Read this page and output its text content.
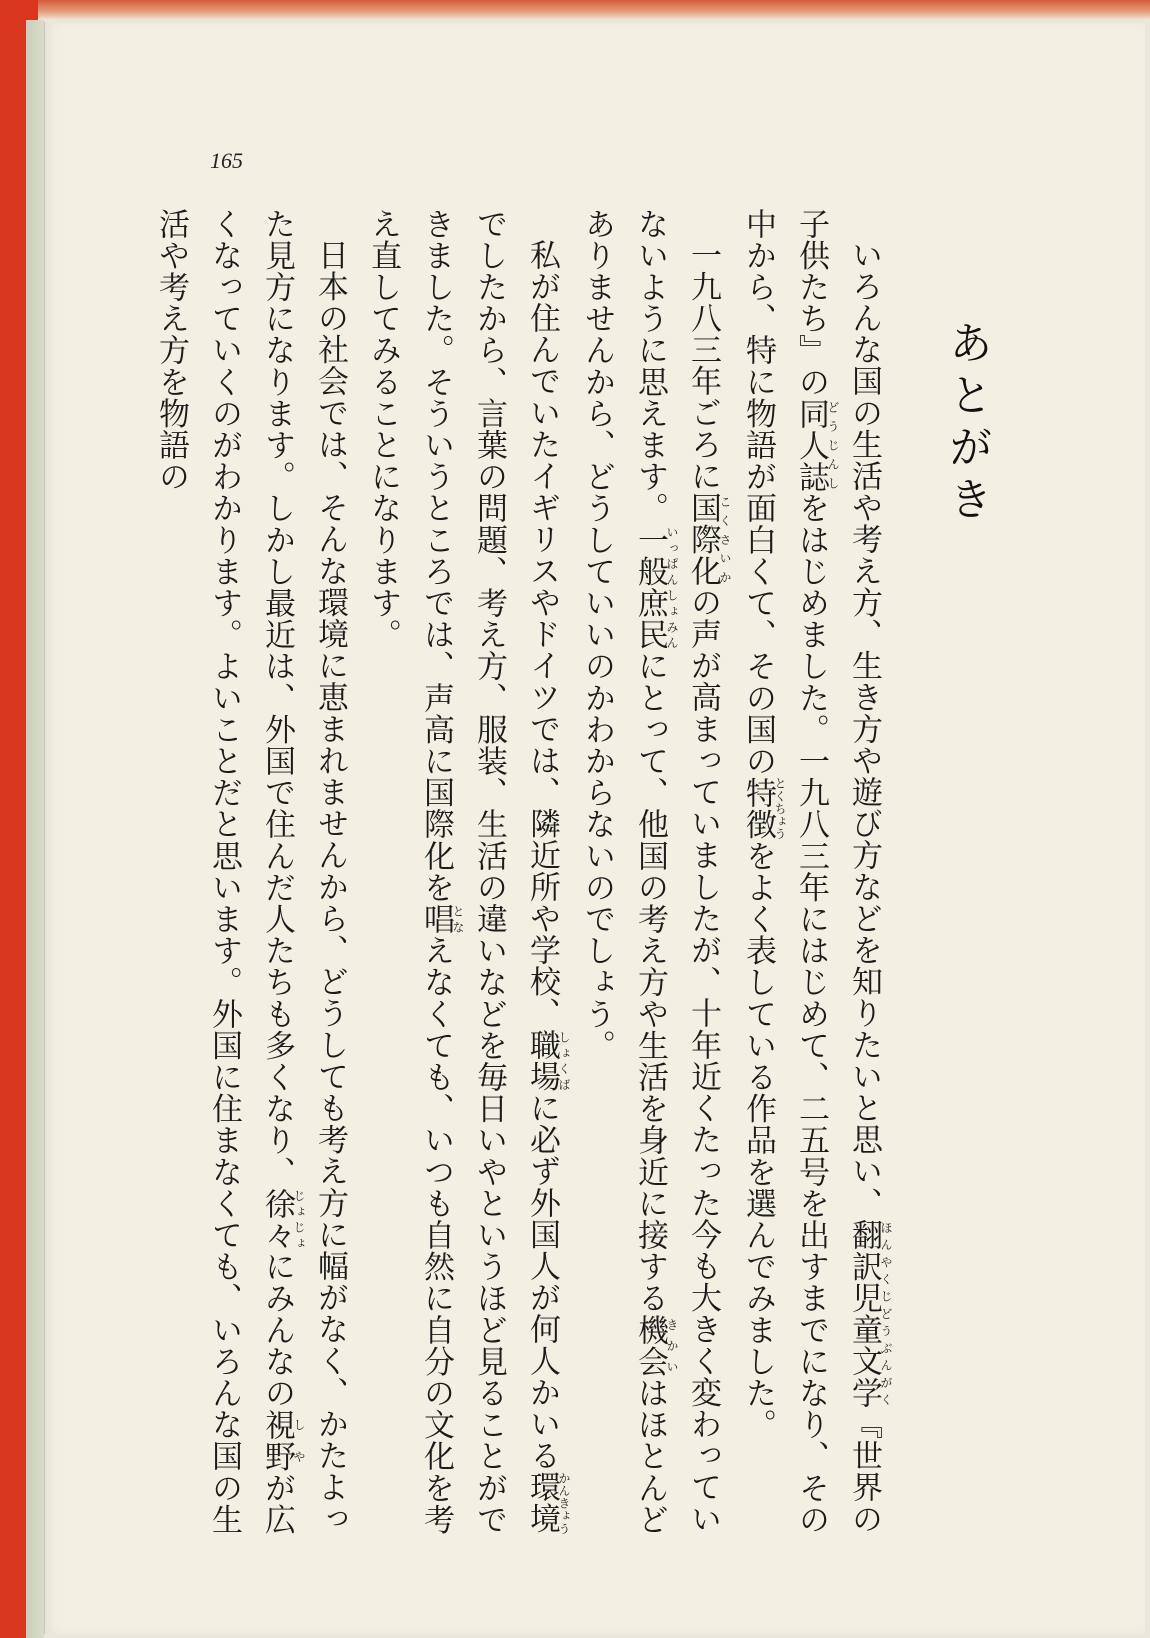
165

あとがき

いろんな国の生活や考え方、生き方や遊び方などを知りたいと思い、翻訳児童文学ほんやくじどうぶんがく『世界の子供たち』の同人誌どうじんしをはじめました。一九八三年にはじめて、二五号を出すまでになり、その中から、特に物語が面白くて、その国の特徴とくちょうをよく表している作品を選んでみました。

一九八三年ごろに国際化こくさいかの声が高まっていましたが、十年近くたった今も大きく変わっていないように思えます。一般庶民いっぱんしょみんにとって、他国の考え方や生活を身近に接する機会きかいはほとんどありませんから、どうしていいのかわからないのでしょう。

私が住んでいたイギリスやドイツでは、隣近所や学校、職場しょくばに必ず外国人が何人かいる環境かんきょうでしたから、言葉の問題、考え方、服装、生活の違いなどを毎日いやというほど見ることができました。そういうところでは、声高に国際化を唱となえなくても、いつも自然に自分の文化を考え直してみることになります。

日本の社会では、そんな環境に恵まれませんから、どうしても考え方に幅がなく、かたよった見方になります。しかし最近は、外国で住んだ人たちも多くなり、徐々じょじょにみんなの視野しやが広くなっていくのがわかります。よいことだと思います。外国に住まなくても、いろんな国の生活や考え方を物語の
